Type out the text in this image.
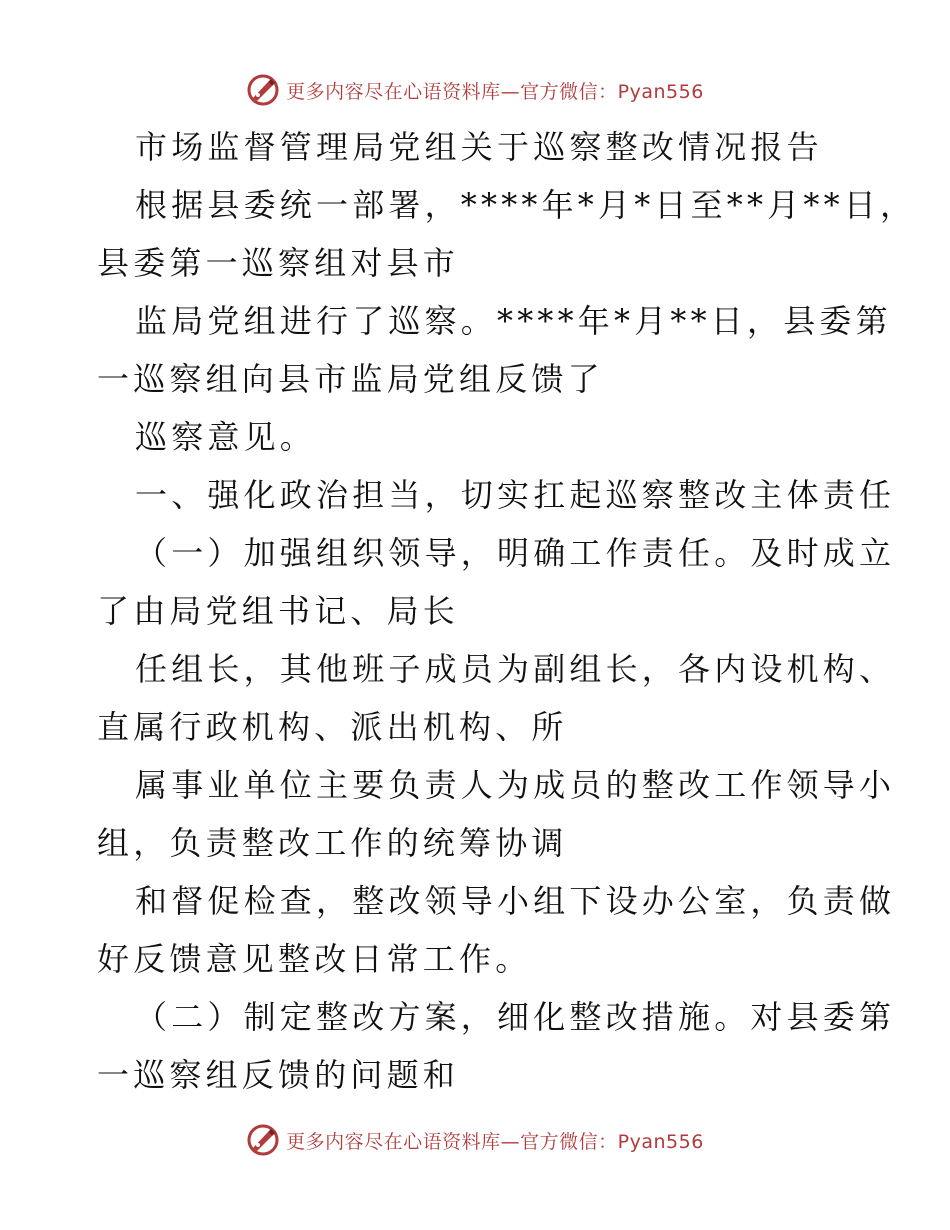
更多内容尽在心语资料库—官方微信：Pyan556
市场监督管理局党组关于巡察整改情况报告
根据县委统一部署，****年*月*日至**月**日，
县委第一巡察组对县市
监局党组进行了巡察。****年*月**日，县委第
一巡察组向县市监局党组反馈了
巡察意见。
一、强化政治担当，切实扛起巡察整改主体责任
（一）加强组织领导，明确工作责任。及时成立
了由局党组书记、局长
任组长，其他班子成员为副组长，各内设机构、
直属行政机构、派出机构、所
属事业单位主要负责人为成员的整改工作领导小
组，负责整改工作的统筹协调
和督促检查，整改领导小组下设办公室，负责做
好反馈意见整改日常工作。
（二）制定整改方案，细化整改措施。对县委第
一巡察组反馈的问题和
更多内容尽在心语资料库—官方微信：Pyan556
